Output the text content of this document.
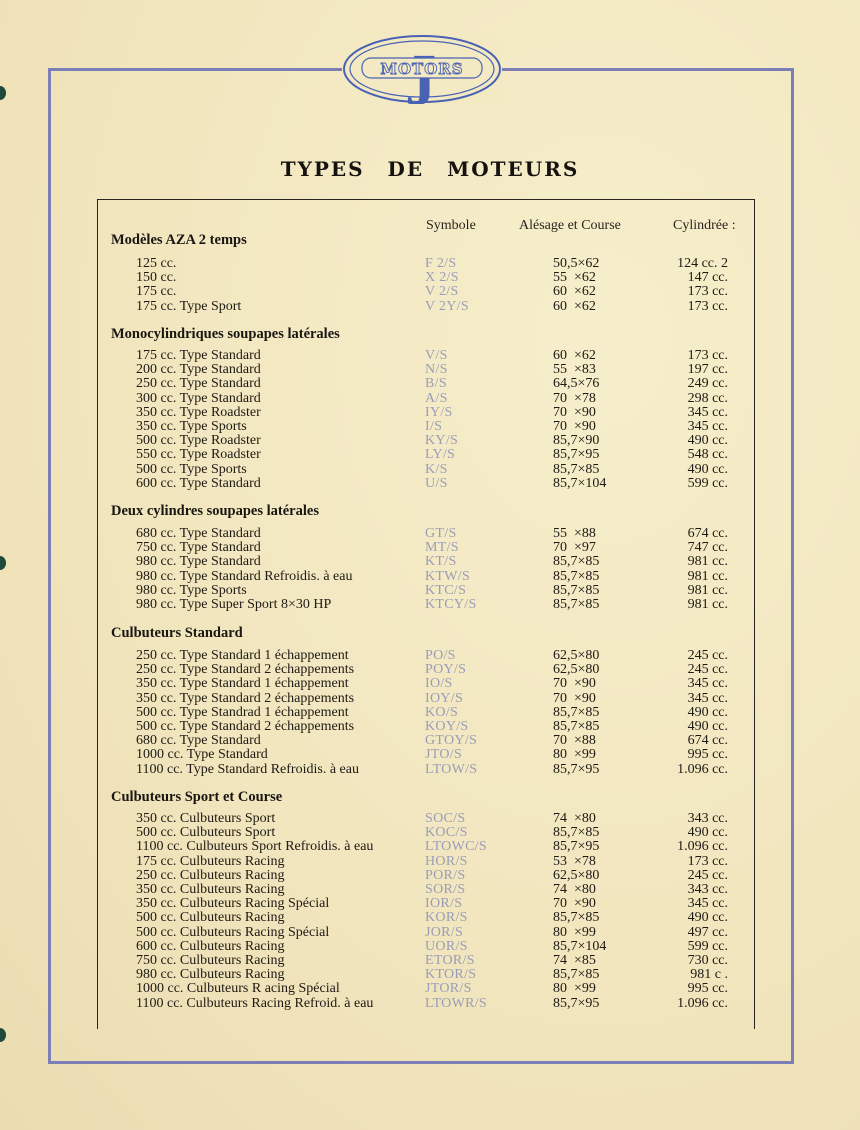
MOTORS
TYPES DE MOTEURS
Symbole	Alésage et Course	Cylindrée :
Modèles AZA 2 temps
125 cc.	F 2/S	50,5×62	124 cc. 2
150 cc.	X 2/S	55  ×62	147 cc.
175 cc.	V 2/S	60  ×62	173 cc.
175 cc. Type Sport	V 2Y/S	60  ×62	173 cc.
Monocylindriques soupapes latérales
175 cc. Type Standard	V/S	60  ×62	173 cc.
200 cc. Type Standard	N/S	55  ×83	197 cc.
250 cc. Type Standard	B/S	64,5×76	249 cc.
300 cc. Type Standard	A/S	70  ×78	298 cc.
350 cc. Type Roadster	IY/S	70  ×90	345 cc.
350 cc. Type Sports	I/S	70  ×90	345 cc.
500 cc. Type Roadster	KY/S	85,7×90	490 cc.
550 cc. Type Roadster	LY/S	85,7×95	548 cc.
500 cc. Type Sports	K/S	85,7×85	490 cc.
600 cc. Type Standard	U/S	85,7×104	599 cc.
Deux cylindres soupapes latérales
680 cc. Type Standard	GT/S	55  ×88	674 cc.
750 cc. Type Standard	MT/S	70  ×97	747 cc.
980 cc. Type Standard	KT/S	85,7×85	981 cc.
980 cc. Type Standard Refroidis. à eau	KTW/S	85,7×85	981 cc.
980 cc. Type Sports	KTC/S	85,7×85	981 cc.
980 cc. Type Super Sport 8×30 HP	KTCY/S	85,7×85	981 cc.
Culbuteurs Standard
250 cc. Type Standard 1 échappement	PO/S	62,5×80	245 cc.
250 cc. Type Standard 2 échappements	POY/S	62,5×80	245 cc.
350 cc. Type Standard 1 échappement	IO/S	70  ×90	345 cc.
350 cc. Type Standard 2 échappements	IOY/S	70  ×90	345 cc.
500 cc. Type Standrad 1 échappement	KO/S	85,7×85	490 cc.
500 cc. Type Standard 2 échappements	KOY/S	85,7×85	490 cc.
680 cc. Type Standard	GTOY/S	70  ×88	674 cc.
1000 cc. Type Standard	JTO/S	80  ×99	995 cc.
1100 cc. Type Standard Refroidis. à eau	LTOW/S	85,7×95	1.096 cc.
Culbuteurs Sport et Course
350 cc. Culbuteurs Sport	SOC/S	74  ×80	343 cc.
500 cc. Culbuteurs Sport	KOC/S	85,7×85	490 cc.
1100 cc. Culbuteurs Sport Refroidis. à eau	LTOWC/S	85,7×95	1.096 cc.
175 cc. Culbuteurs Racing	HOR/S	53  ×78	173 cc.
250 cc. Culbuteurs Racing	POR/S	62,5×80	245 cc.
350 cc. Culbuteurs Racing	SOR/S	74  ×80	343 cc.
350 cc. Culbuteurs Racing Spécial	IOR/S	70  ×90	345 cc.
500 cc. Culbuteurs Racing	KOR/S	85,7×85	490 cc.
500 cc. Culbuteurs Racing Spécial	JOR/S	80  ×99	497 cc.
600 cc. Culbuteurs Racing	UOR/S	85,7×104	599 cc.
750 cc. Culbuteurs Racing	ETOR/S	74  ×85	730 cc.
980 cc. Culbuteurs Racing	KTOR/S	85,7×85	981 c .
1000 cc. Culbuteurs R acing Spécial	JTOR/S	80  ×99	995 cc.
1100 cc. Culbuteurs Racing Refroid. à eau	LTOWR/S	85,7×95	1.096 cc.
